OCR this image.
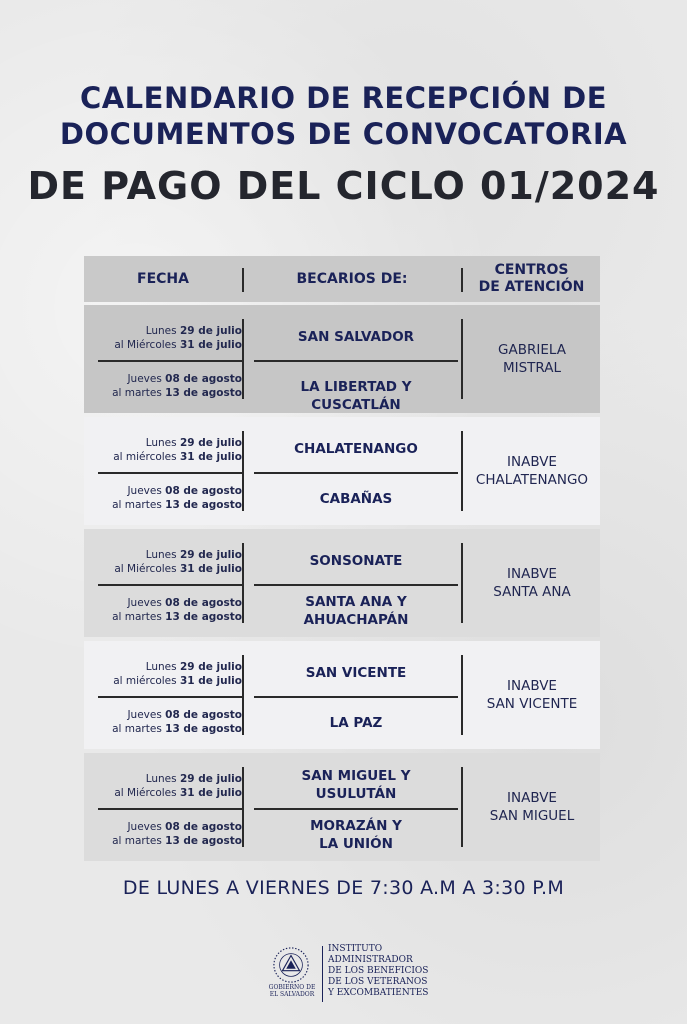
CALENDARIO DE RECEPCIÓN DE
DOCUMENTOS DE CONVOCATORIA
DE PAGO DEL CICLO 01/2024
FECHA	BECARIOS DE:
CENTROS
DE ATENCIÓN
Lunes 29 de julio
al Miércoles 31 de julio
Jueves 08 de agosto
al martes 13 de agosto
SAN SALVADOR
LA LIBERTAD Y CUSCATLÁN
GABRIELA
MISTRAL
Lunes 29 de julio
al miércoles 31 de julio
Jueves 08 de agosto
al martes 13 de agosto
CHALATENANGO
CABAÑAS
INABVE
CHALATENANGO
Lunes 29 de julio
al Miércoles 31 de julio
Jueves 08 de agosto
al martes 13 de agosto
SONSONATE
SANTA ANA Y
AHUACHAPÁN
INABVE
SANTA ANA
Lunes 29 de julio
al miércoles 31 de julio
Jueves 08 de agosto
al martes 13 de agosto
SAN VICENTE
LA PAZ
INABVE
SAN VICENTE
Lunes 29 de julio
al Miércoles 31 de julio
Jueves 08 de agosto
al martes 13 de agosto
SAN MIGUEL Y
USULUTÁN
MORAZÁN Y
LA UNIÓN
INABVE
SAN MIGUEL
DE LUNES A VIERNES DE 7:30 A.M A 3:30 P.M
GOBIERNO DE
EL SALVADOR
INSTITUTO
ADMINISTRADOR
DE LOS BENEFICIOS
DE LOS VETERANOS
Y EXCOMBATIENTES
